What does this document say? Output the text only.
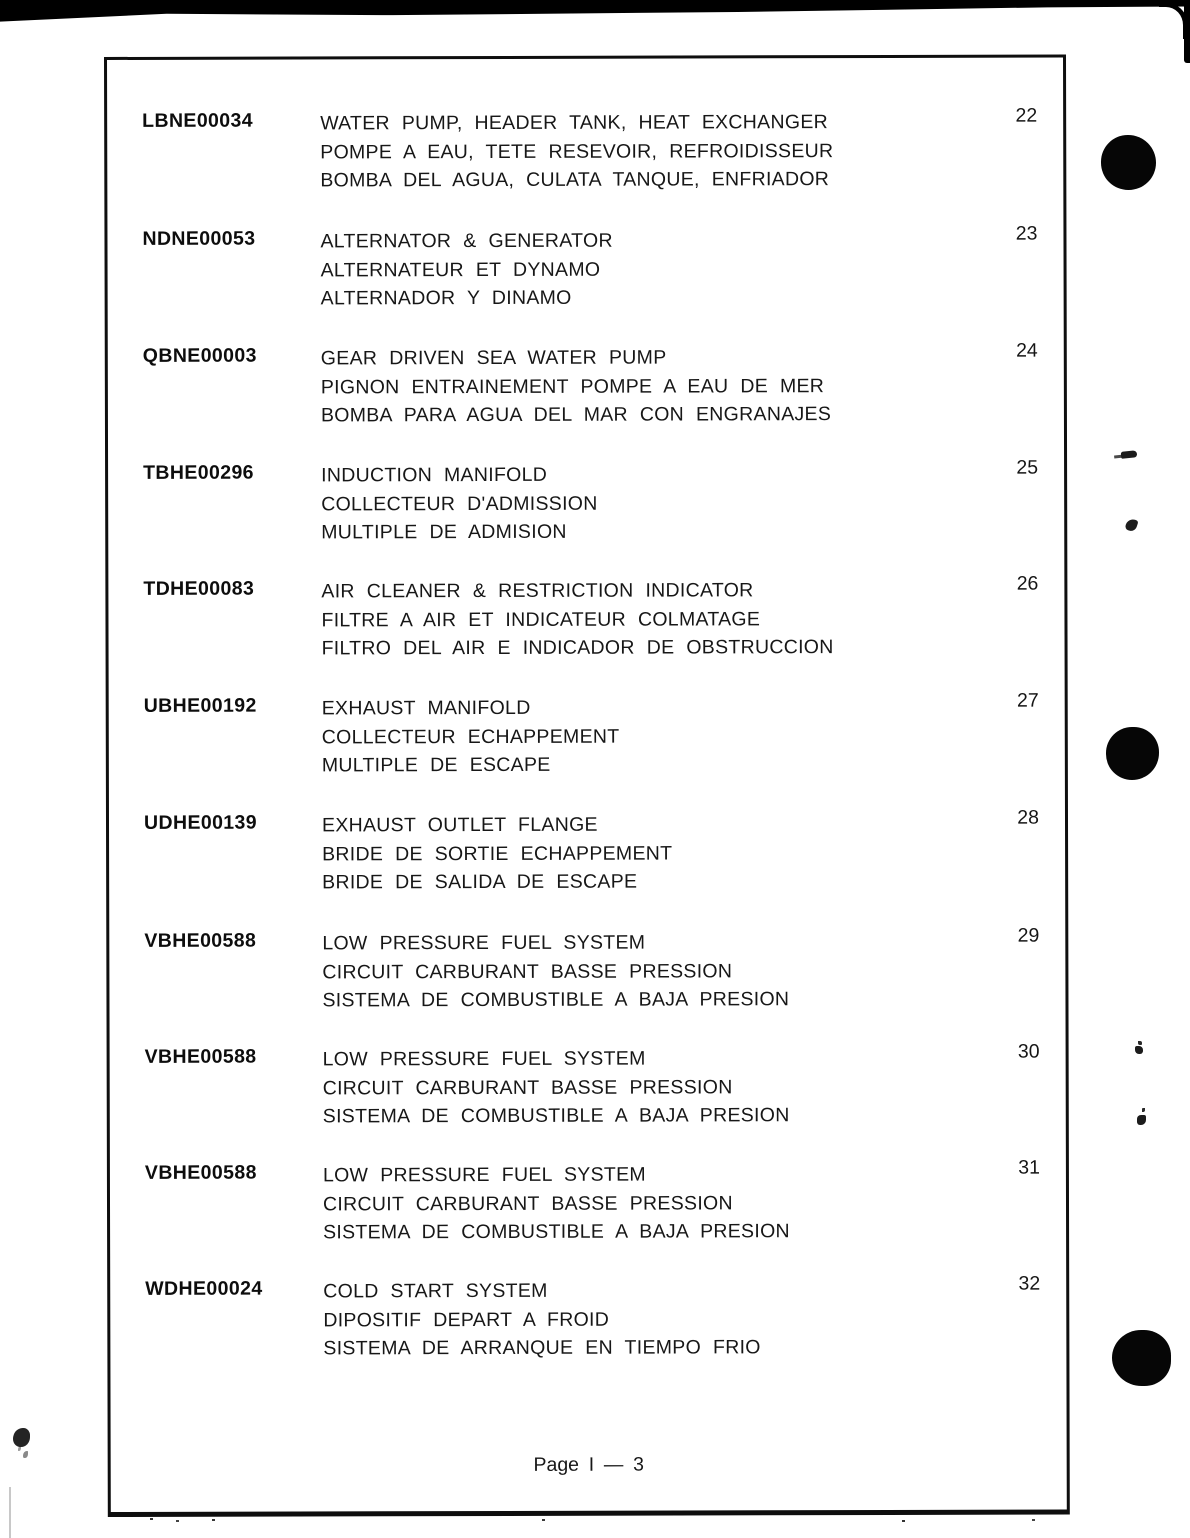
LBNE00034	WATER PUMP, HEADER TANK, HEAT EXCHANGER
POMPE A EAU, TETE RESEVOIR, REFROIDISSEUR
BOMBA DEL AGUA, CULATA TANQUE, ENFRIADOR
22
NDNE00053	ALTERNATOR & GENERATOR
ALTERNATEUR ET DYNAMO
ALTERNADOR Y DINAMO
23
QBNE00003	GEAR DRIVEN SEA WATER PUMP
PIGNON ENTRAINEMENT POMPE A EAU DE MER
BOMBA PARA AGUA DEL MAR CON ENGRANAJES
24
TBHE00296	INDUCTION MANIFOLD
COLLECTEUR D'ADMISSION
MULTIPLE DE ADMISION
25
TDHE00083	AIR CLEANER & RESTRICTION INDICATOR
FILTRE A AIR ET INDICATEUR COLMATAGE
FILTRO DEL AIR E INDICADOR DE OBSTRUCCION
26
UBHE00192	EXHAUST MANIFOLD
COLLECTEUR ECHAPPEMENT
MULTIPLE DE ESCAPE
27
UDHE00139	EXHAUST OUTLET FLANGE
BRIDE DE SORTIE ECHAPPEMENT
BRIDE DE SALIDA DE ESCAPE
28
VBHE00588	LOW PRESSURE FUEL SYSTEM
CIRCUIT CARBURANT BASSE PRESSION
SISTEMA DE COMBUSTIBLE A BAJA PRESION
29
VBHE00588	LOW PRESSURE FUEL SYSTEM
CIRCUIT CARBURANT BASSE PRESSION
SISTEMA DE COMBUSTIBLE A BAJA PRESION
30
VBHE00588	LOW PRESSURE FUEL SYSTEM
CIRCUIT CARBURANT BASSE PRESSION
SISTEMA DE COMBUSTIBLE A BAJA PRESION
31
WDHE00024	COLD START SYSTEM
DIPOSITIF DEPART A FROID
SISTEMA DE ARRANQUE EN TIEMPO FRIO
32
Page I — 3
